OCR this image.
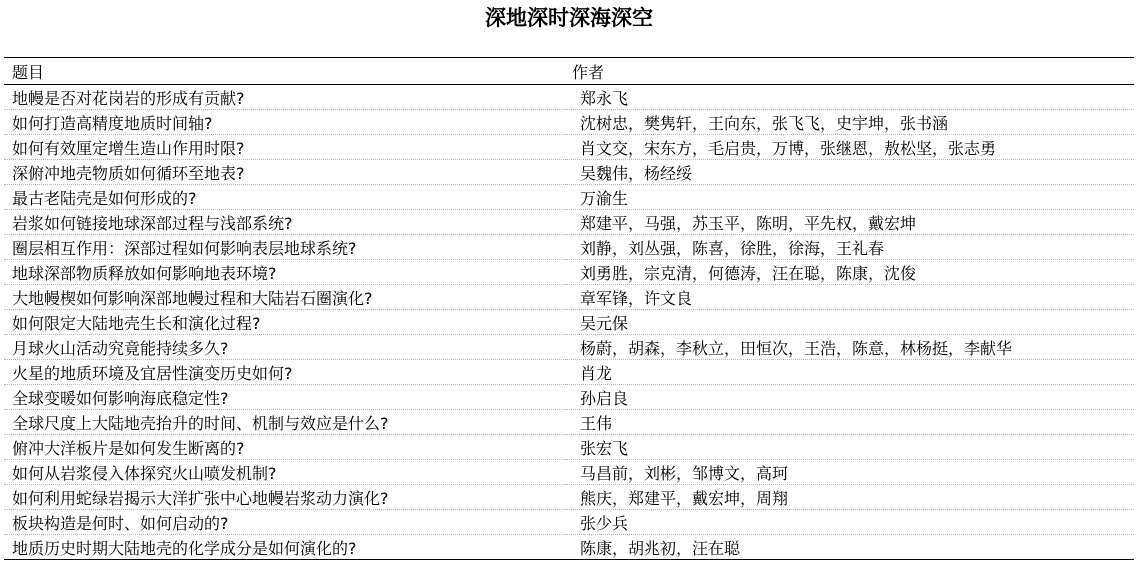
深地深时深海深空
题目	作者
地幔是否对花岗岩的形成有贡献?	郑永飞
如何打造高精度地质时间轴?	沈树忠，樊隽轩，王向东，张飞飞，史宇坤，张书涵
如何有效厘定增生造山作用时限?	肖文交，宋东方，毛启贵，万博，张继恩，敖松坚，张志勇
深俯冲地壳物质如何循环至地表?	吴魏伟，杨经绥
最古老陆壳是如何形成的?	万渝生
岩浆如何链接地球深部过程与浅部系统?	郑建平，马强，苏玉平，陈明，平先权，戴宏坤
圈层相互作用：深部过程如何影响表层地球系统?	刘静，刘丛强，陈喜，徐胜，徐海，王礼春
地球深部物质释放如何影响地表环境?	刘勇胜，宗克清，何德涛，汪在聪，陈康，沈俊
大地幔楔如何影响深部地幔过程和大陆岩石圈演化?	章军锋，许文良
如何限定大陆地壳生长和演化过程?	吴元保
月球火山活动究竟能持续多久?	杨蔚，胡森，李秋立，田恒次，王浩，陈意，林杨挺，李献华
火星的地质环境及宜居性演变历史如何?	肖龙
全球变暖如何影响海底稳定性?	孙启良
全球尺度上大陆地壳抬升的时间、机制与效应是什么?	王伟
俯冲大洋板片是如何发生断离的?	张宏飞
如何从岩浆侵入体探究火山喷发机制?	马昌前，刘彬，邹博文，高珂
如何利用蛇绿岩揭示大洋扩张中心地幔岩浆动力演化?	熊庆，郑建平，戴宏坤，周翔
板块构造是何时、如何启动的?	张少兵
地质历史时期大陆地壳的化学成分是如何演化的?	陈康，胡兆初，汪在聪
